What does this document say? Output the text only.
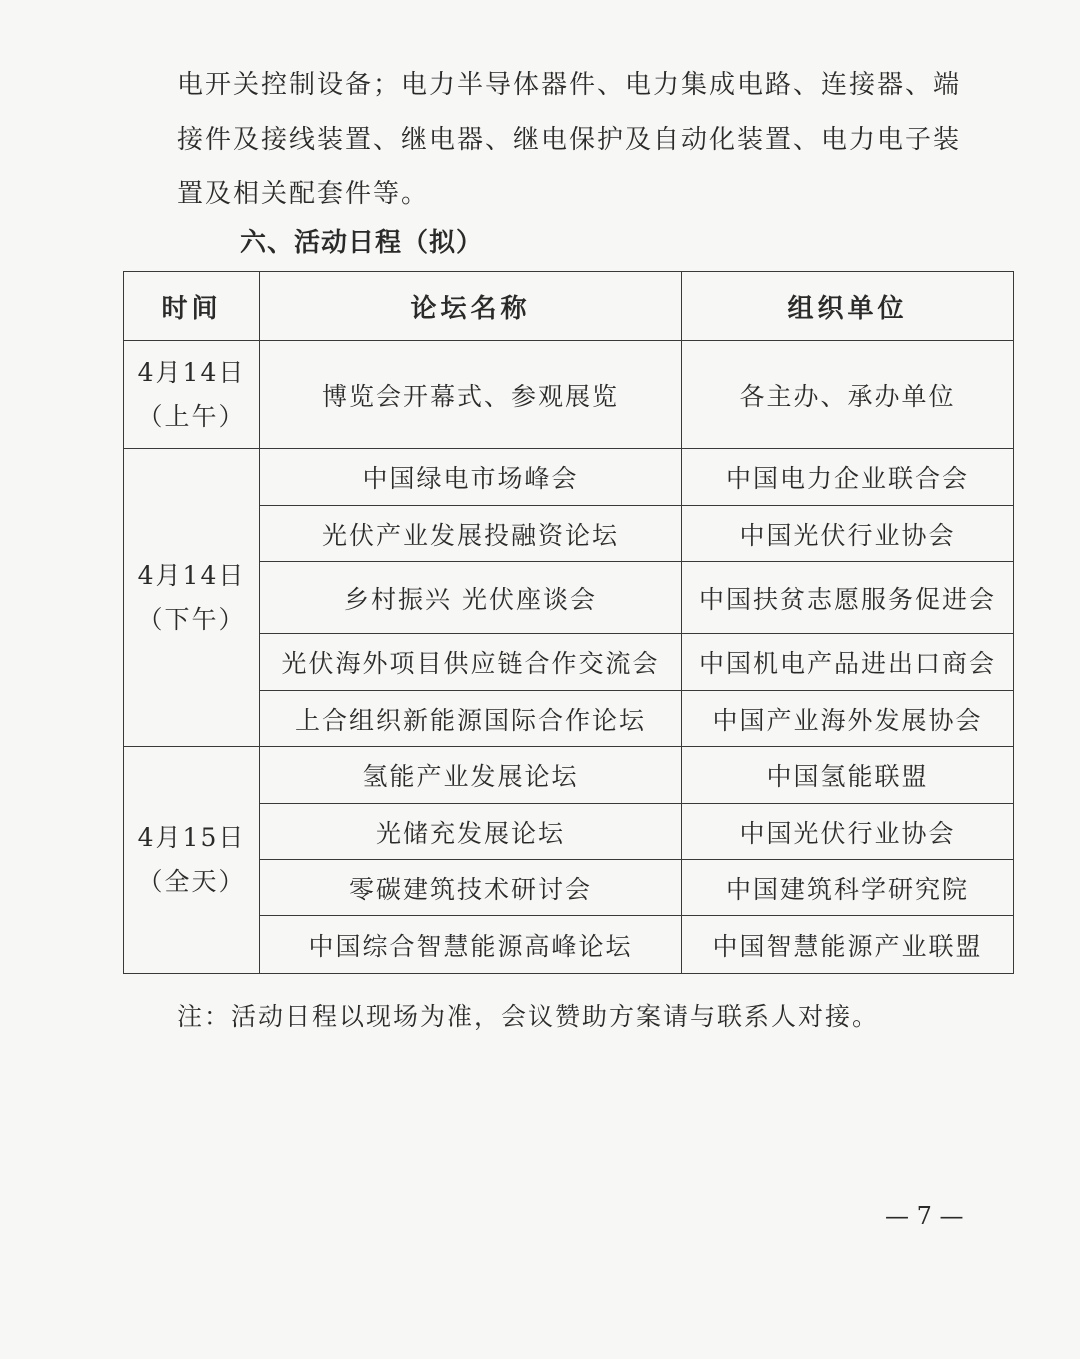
电开关控制设备；电力半导体器件、电力集成电路、连接器、端
接件及接线装置、继电器、继电保护及自动化装置、电力电子装
置及相关配套件等。
六、活动日程（拟）
时间	论坛名称	组织单位

4月14日
（上午）	博览会开幕式、参观展览	各主办、承办单位

4月14日
（下午）	中国绿电市场峰会	中国电力企业联合会
	光伏产业发展投融资论坛	中国光伏行业协会
	乡村振兴 光伏座谈会	中国扶贫志愿服务促进会
	光伏海外项目供应链合作交流会	中国机电产品进出口商会
	上合组织新能源国际合作论坛	中国产业海外发展协会

4月15日
（全天）	氢能产业发展论坛	中国氢能联盟
	光储充发展论坛	中国光伏行业协会
	零碳建筑技术研讨会	中国建筑科学研究院
	中国综合智慧能源高峰论坛	中国智慧能源产业联盟
注：活动日程以现场为准，会议赞助方案请与联系人对接。
— 7 —
